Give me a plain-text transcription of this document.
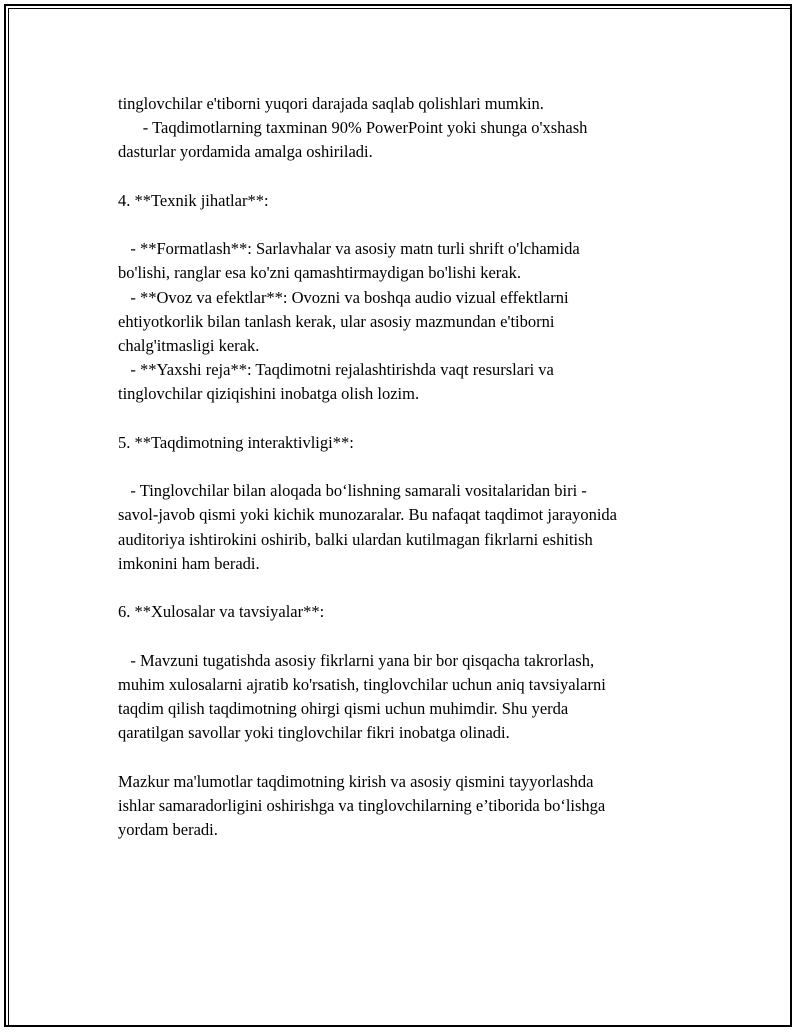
tinglovchilar e'tiborni yuqori darajada saqlab qolishlari mumkin.

- Taqdimotlarning taxminan 90% PowerPoint yoki shunga o'xshash

dasturlar yordamida amalga oshiriladi.

4. **Texnik jihatlar**:

- **Formatlash**: Sarlavhalar va asosiy matn turli shrift o'lchamida

bo'lishi, ranglar esa ko'zni qamashtirmaydigan bo'lishi kerak.

- **Ovoz va efektlar**: Ovozni va boshqa audio vizual effektlarni

ehtiyotkorlik bilan tanlash kerak, ular asosiy mazmundan e'tiborni

chalg'itmasligi kerak.

- **Yaxshi reja**: Taqdimotni rejalashtirishda vaqt resurslari va

tinglovchilar qiziqishini inobatga olish lozim.

5. **Taqdimotning interaktivligi**:

- Tinglovchilar bilan aloqada bo‘lishning samarali vositalaridan biri -

savol-javob qismi yoki kichik munozaralar. Bu nafaqat taqdimot jarayonida

auditoriya ishtirokini oshirib, balki ulardan kutilmagan fikrlarni eshitish

imkonini ham beradi.

6. **Xulosalar va tavsiyalar**:

- Mavzuni tugatishda asosiy fikrlarni yana bir bor qisqacha takrorlash,

muhim xulosalarni ajratib ko'rsatish, tinglovchilar uchun aniq tavsiyalarni

taqdim qilish taqdimotning ohirgi qismi uchun muhimdir. Shu yerda

qaratilgan savollar yoki tinglovchilar fikri inobatga olinadi.

Mazkur ma'lumotlar taqdimotning kirish va asosiy qismini tayyorlashda

ishlar samaradorligini oshirishga va tinglovchilarning e’tiborida bo‘lishga

yordam beradi.
